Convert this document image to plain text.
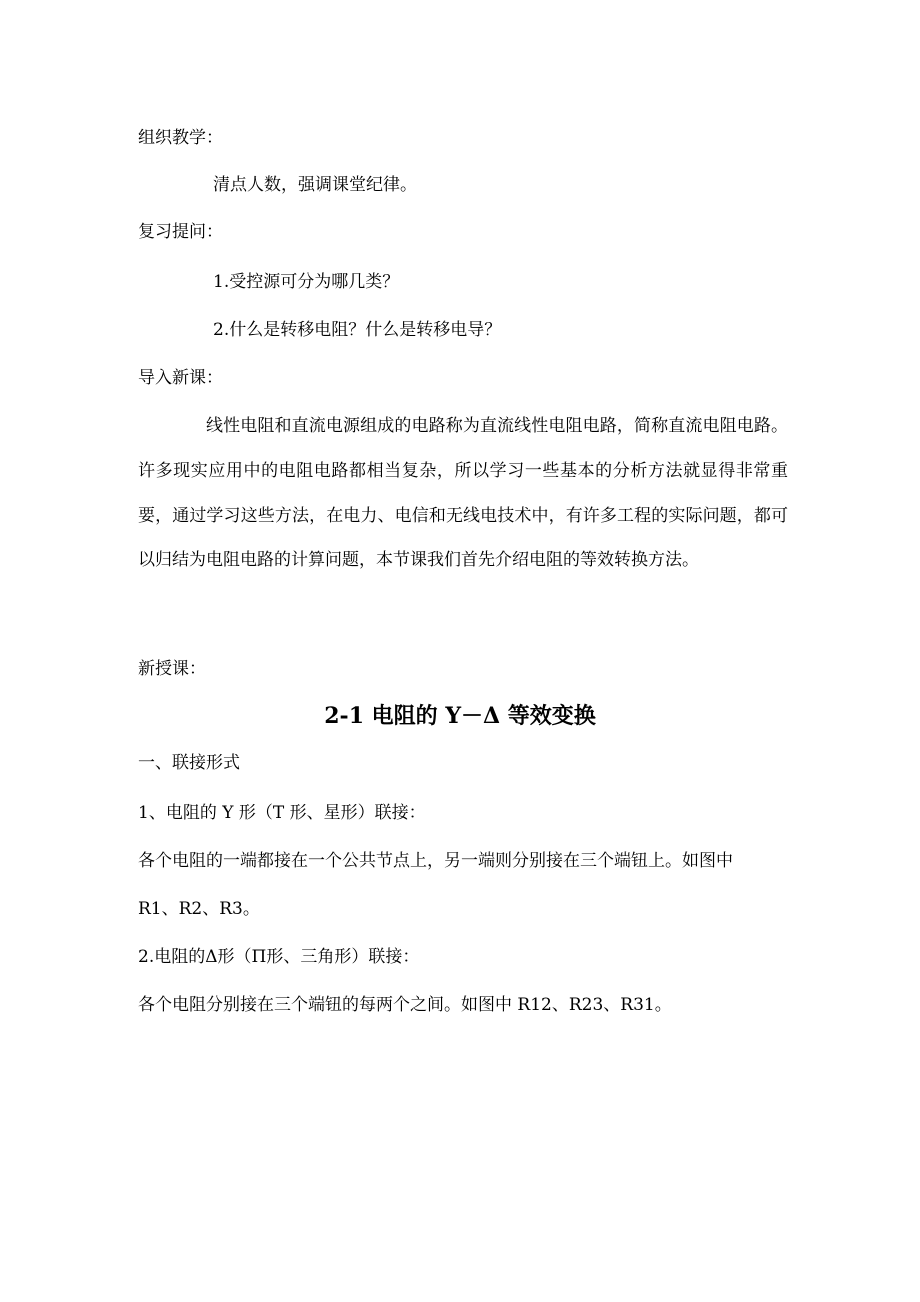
组织教学：

清点人数，强调课堂纪律。

复习提问：

1.受控源可分为哪几类？

2.什么是转移电阻？什么是转移电导？

导入新课：

线性电阻和直流电源组成的电路称为直流线性电阻电路，简称直流电阻电路。许多现实应用中的电阻电路都相当复杂，所以学习一些基本的分析方法就显得非常重要，通过学习这些方法，在电力、电信和无线电技术中，有许多工程的实际问题，都可以归结为电阻电路的计算问题，本节课我们首先介绍电阻的等效转换方法。

新授课：

2-1 电阻的 Y－Δ 等效变换

一、联接形式

1、电阻的 Y 形（T 形、星形）联接：

各个电阻的一端都接在一个公共节点上，另一端则分别接在三个端钮上。如图中

R1、R2、R3。

2.电阻的Δ形（Π形、三角形）联接：

各个电阻分别接在三个端钮的每两个之间。如图中 R12、R23、R31。
